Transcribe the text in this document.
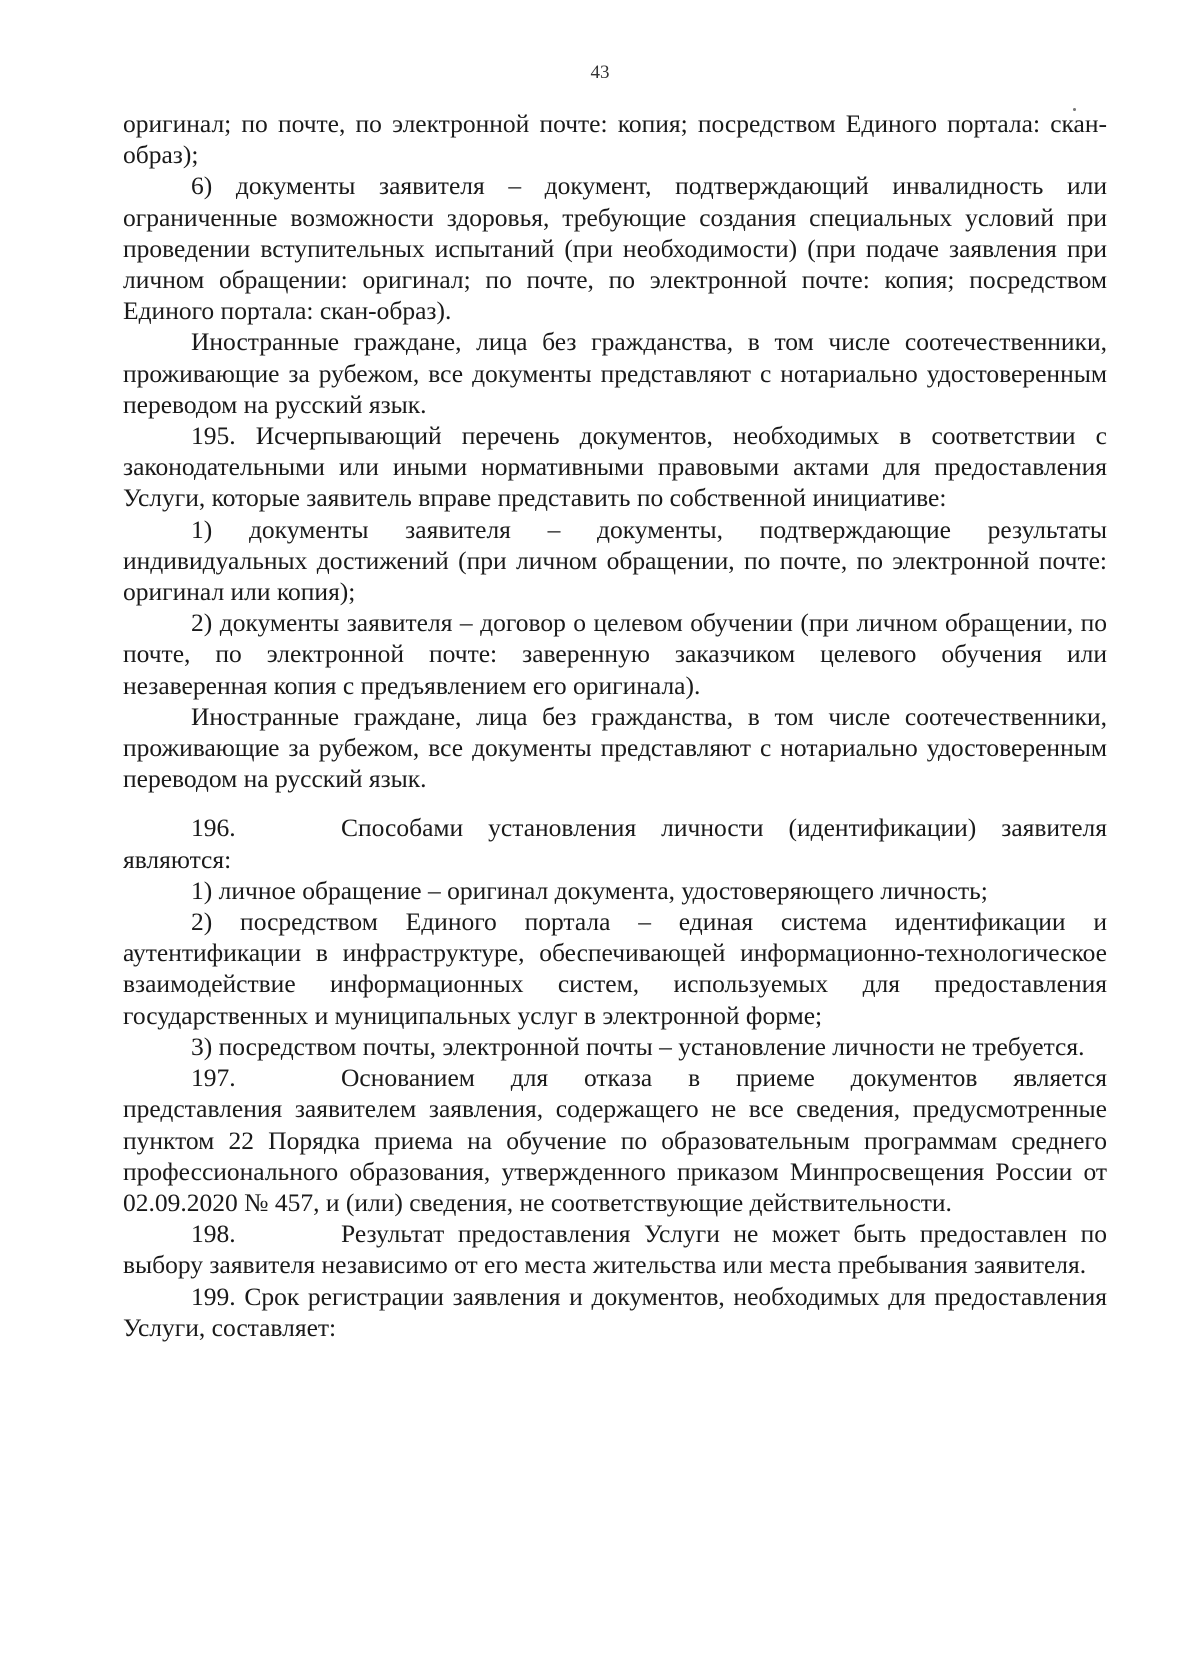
43

оригинал; по почте, по электронной почте: копия; посредством Единого портала: скан-образ);

6) документы заявителя – документ, подтверждающий инвалидность или ограниченные возможности здоровья, требующие создания специальных условий при проведении вступительных испытаний (при необходимости) (при подаче заявления при личном обращении: оригинал; по почте, по электронной почте: копия; посредством Единого портала: скан-образ).

Иностранные граждане, лица без гражданства, в том числе соотечественники, проживающие за рубежом, все документы представляют с нотариально удостоверенным переводом на русский язык.

195. Исчерпывающий перечень документов, необходимых в соответствии с законодательными или иными нормативными правовыми актами для предоставления Услуги, которые заявитель вправе представить по собственной инициативе:

1) документы заявителя – документы, подтверждающие результаты индивидуальных достижений (при личном обращении, по почте, по электронной почте: оригинал или копия);

2) документы заявителя – договор о целевом обучении (при личном обращении, по почте, по электронной почте: заверенную заказчиком целевого обучения или незаверенная копия с предъявлением его оригинала).

Иностранные граждане, лица без гражданства, в том числе соотечественники, проживающие за рубежом, все документы представляют с нотариально удостоверенным переводом на русский язык.

196.	Способами установления личности (идентификации) заявителя

являются:

1) личное обращение – оригинал документа, удостоверяющего личность;

2) посредством Единого портала – единая система идентификации и аутентификации в инфраструктуре, обеспечивающей информационно-технологическое взаимодействие информационных систем, используемых для предоставления государственных и муниципальных услуг в электронной форме;

3) посредством почты, электронной почты – установление личности не требуется.

197.	Основанием для отказа в приеме документов является

представления заявителем заявления, содержащего не все сведения, предусмотренные пунктом 22 Порядка приема на обучение по образовательным программам среднего профессионального образования, утвержденного приказом Минпросвещения России от 02.09.2020 № 457, и (или) сведения, не соответствующие действительности.

198.	Результат предоставления Услуги не может быть предоставлен по

выбору заявителя независимо от его места жительства или места пребывания заявителя.

199. Срок регистрации заявления и документов, необходимых для предоставления Услуги, составляет:
